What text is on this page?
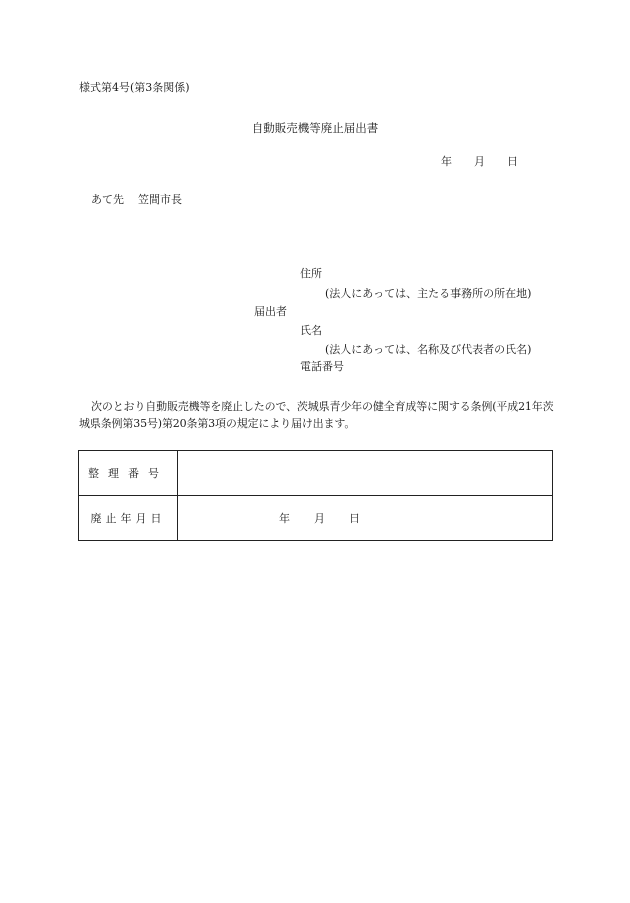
様式第4号(第3条関係)
自動販売機等廃止届出書
年 月 日
あて先 笠間市長
住所
(法人にあっては、主たる事務所の所在地)
届出者
氏名
(法人にあっては、名称及び代表者の氏名)
電話番号
次のとおり自動販売機等を廃止したので、茨城県青少年の健全育成等に関する条例(平成21年茨城県条例第35号)第20条第3項の規定により届け出ます。
整理番号	
廃止年月日	年 月 日
